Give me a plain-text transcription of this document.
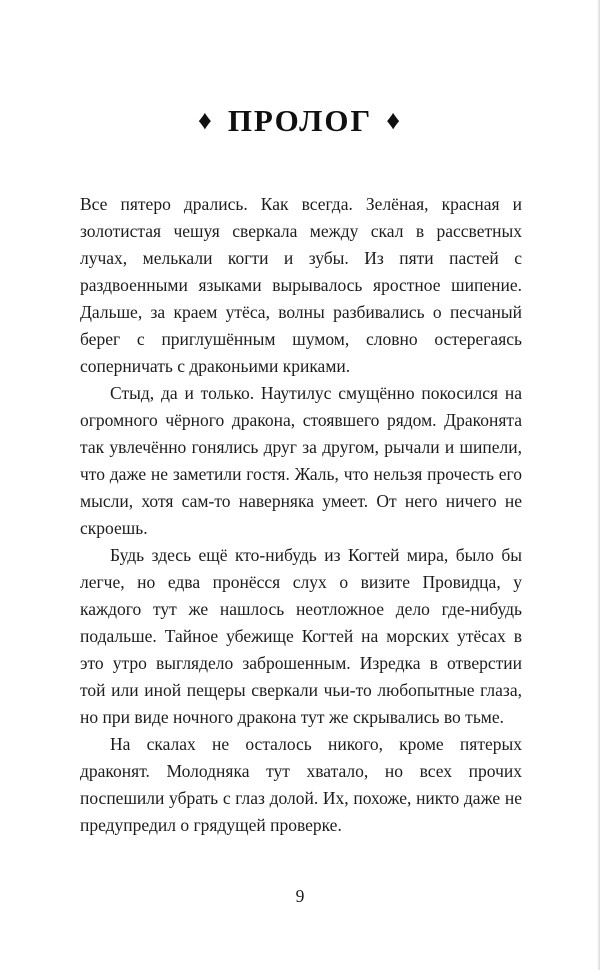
♦ ПРОЛОГ ♦

Все пятеро дрались. Как всегда. Зелёная, красная и золотистая чешуя сверкала между скал в рассветных лучах, мелькали когти и зубы. Из пяти пастей с раздвоенными языками вырывалось яростное шипение. Дальше, за краем утёса, волны разбивались о песчаный берег с приглушённым шумом, словно остерегаясь соперничать с драконьими криками.

Стыд, да и только. Наутилус смущённо покосился на огромного чёрного дракона, стоявшего рядом. Драконята так увлечённо гонялись друг за другом, рычали и шипели, что даже не заметили гостя. Жаль, что нельзя прочесть его мысли, хотя сам-то наверняка умеет. От него ничего не скроешь.

Будь здесь ещё кто-нибудь из Когтей мира, было бы легче, но едва пронёсся слух о визите Провидца, у каждого тут же нашлось неотложное дело где-нибудь подальше. Тайное убежище Когтей на морских утёсах в это утро выглядело заброшенным. Изредка в отверстии той или иной пещеры сверкали чьи-то любопытные глаза, но при виде ночного дракона тут же скрывались во тьме.

На скалах не осталось никого, кроме пятерых драконят. Молодняка тут хватало, но всех прочих поспешили убрать с глаз долой. Их, похоже, никто даже не предупредил о грядущей проверке.

9
